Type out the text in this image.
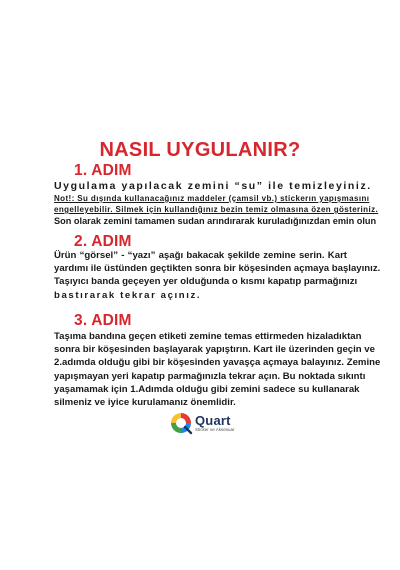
NASIL UYGULANIR?
1. ADIM
Uygulama yapılacak zemini “su” ile temizleyiniz.
Not!: Su dışında kullanacağınız maddeler (çamsil vb.) stickerın yapışmasını
engelleyebilir. Silmek için kullandığınız bezin temiz olmasına özen gösteriniz.
Son olarak zemini tamamen sudan arındırarak kuruladığınızdan emin olun
2. ADIM
Ürün “görsel” - “yazı” aşağı bakacak şekilde zemine serin. Kart
yardımı ile üstünden geçtikten sonra bir köşesinden açmaya başlayınız.
Taşıyıcı banda geçeyen yer olduğunda o kısmı kapatıp parmağınızı
bastırarak tekrar açınız.
3. ADIM
Taşıma bandına geçen etiketi zemine temas ettirmeden hizaladıktan
sonra bir köşesinden başlayarak yapıştırın. Kart ile üzerinden geçin ve
2.adımda olduğu gibi bir köşesinden yavaşça açmaya balayınız. Zemine
yapışmayan yeri kapatıp parmağınızla tekrar açın. Bu noktada sıkıntı
yaşamamak için 1.Adımda olduğu gibi zemini sadece su kullanarak
silmeniz ve iyice kurulamanız önemlidir.
Quart
Sticker ve Aksesuar
